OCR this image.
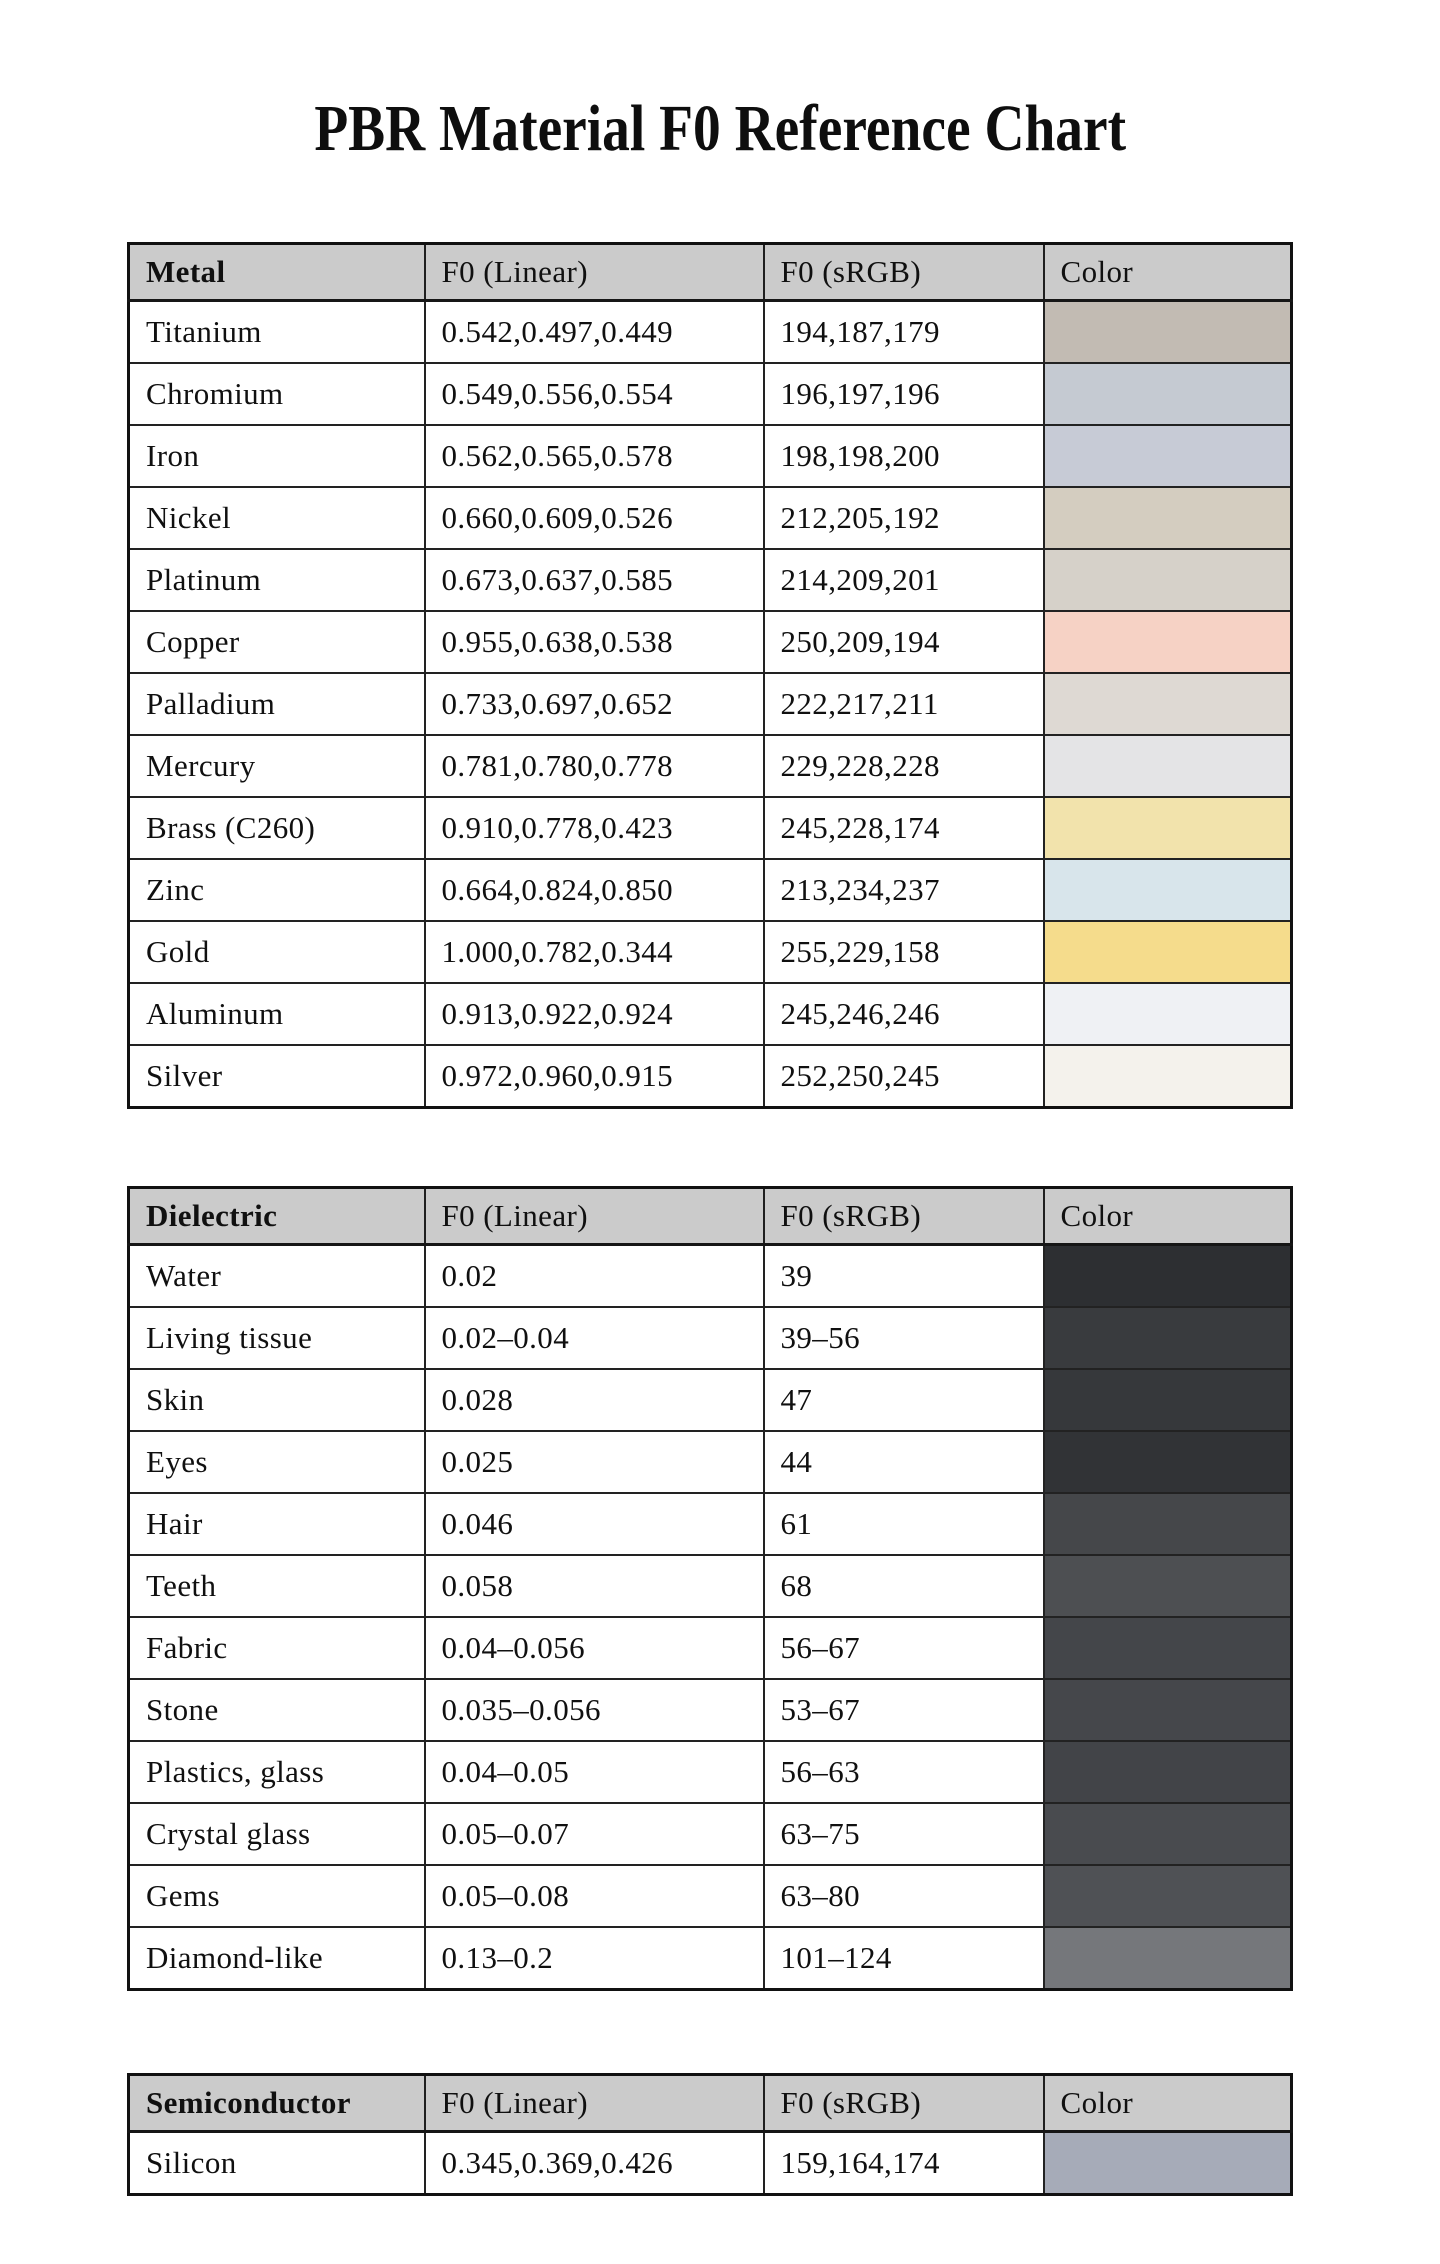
PBR Material F0 Reference Chart
Metal	F0 (Linear)	F0 (sRGB)	Color
Titanium	0.542,0.497,0.449	194,187,179	
Chromium	0.549,0.556,0.554	196,197,196	
Iron	0.562,0.565,0.578	198,198,200	
Nickel	0.660,0.609,0.526	212,205,192	
Platinum	0.673,0.637,0.585	214,209,201	
Copper	0.955,0.638,0.538	250,209,194	
Palladium	0.733,0.697,0.652	222,217,211	
Mercury	0.781,0.780,0.778	229,228,228	
Brass (C260)	0.910,0.778,0.423	245,228,174	
Zinc	0.664,0.824,0.850	213,234,237	
Gold	1.000,0.782,0.344	255,229,158	
Aluminum	0.913,0.922,0.924	245,246,246	
Silver	0.972,0.960,0.915	252,250,245	
Dielectric	F0 (Linear)	F0 (sRGB)	Color
Water	0.02	39	
Living tissue	0.02–0.04	39–56	
Skin	0.028	47	
Eyes	0.025	44	
Hair	0.046	61	
Teeth	0.058	68	
Fabric	0.04–0.056	56–67	
Stone	0.035–0.056	53–67	
Plastics, glass	0.04–0.05	56–63	
Crystal glass	0.05–0.07	63–75	
Gems	0.05–0.08	63–80	
Diamond-like	0.13–0.2	101–124	
Semiconductor	F0 (Linear)	F0 (sRGB)	Color
Silicon	0.345,0.369,0.426	159,164,174	
